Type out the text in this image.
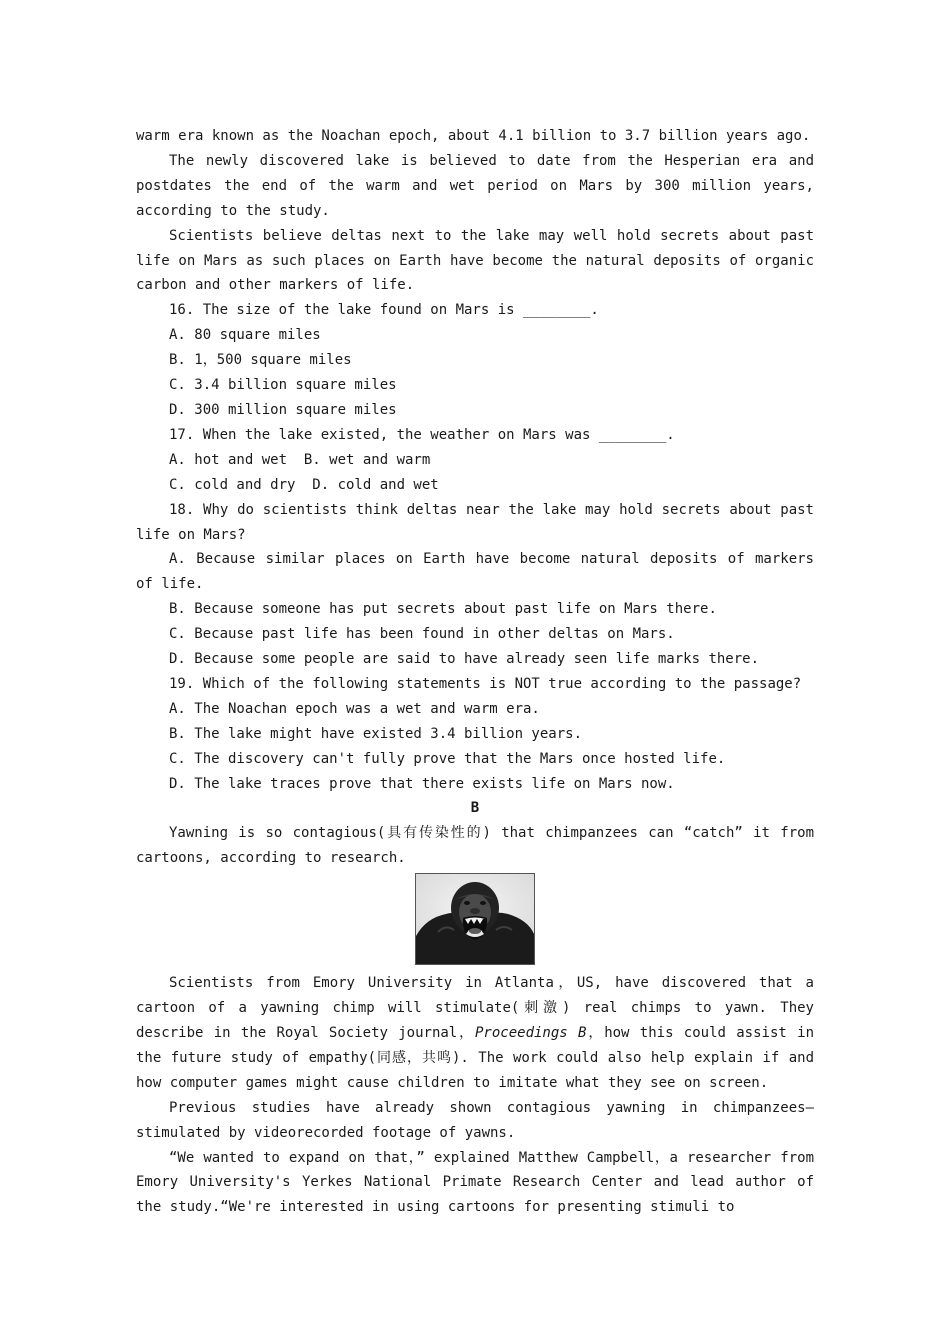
warm era known as the Noachan epoch, about 4.1 billion to 3.7 billion years ago.

The newly discovered lake is believed to date from the Hesperian era and postdates the end of the warm and wet period on Mars by 300 million years, according to the study.

Scientists believe deltas next to the lake may well hold secrets about past life on Mars as such places on Earth have become the natural deposits of organic carbon and other markers of life.

16. The size of the lake found on Mars is ________.

A. 80 square miles

B. 1，500 square miles

C. 3.4 billion square miles

D. 300 million square miles

17. When the lake existed, the weather on Mars was ________.

A. hot and wet  B. wet and warm

C. cold and dry  D. cold and wet

18. Why do scientists think deltas near the lake may hold secrets about past life on Mars?

A. Because similar places on Earth have become natural deposits of markers of life.

B. Because someone has put secrets about past life on Mars there.

C. Because past life has been found in other deltas on Mars.

D. Because some people are said to have already seen life marks there.

19. Which of the following statements is NOT true according to the passage?

A. The Noachan epoch was a wet and warm era.

B. The lake might have existed 3.4 billion years.

C. The discovery can't fully prove that the Mars once hosted life.

D. The lake traces prove that there exists life on Mars now.

B

Yawning is so contagious(具有传染性的) that chimpanzees can “catch” it from cartoons, according to research.

Scientists from Emory University in Atlanta，US, have discovered that a cartoon of a yawning chimp will stimulate(刺激) real chimps to yawn. They describe in the Royal Society journal，Proceedings B，how this could assist in the future study of empathy(同感，共鸣). The work could also help explain if and how computer games might cause children to imitate what they see on screen.

Previous studies have already shown contagious yawning in chimpanzees—stimulated by videorecorded footage of yawns.

“We wanted to expand on that，” explained Matthew Campbell，a researcher from Emory University's Yerkes National Primate Research Center and lead author of the study.“We're interested in using cartoons for presenting stimuli to
